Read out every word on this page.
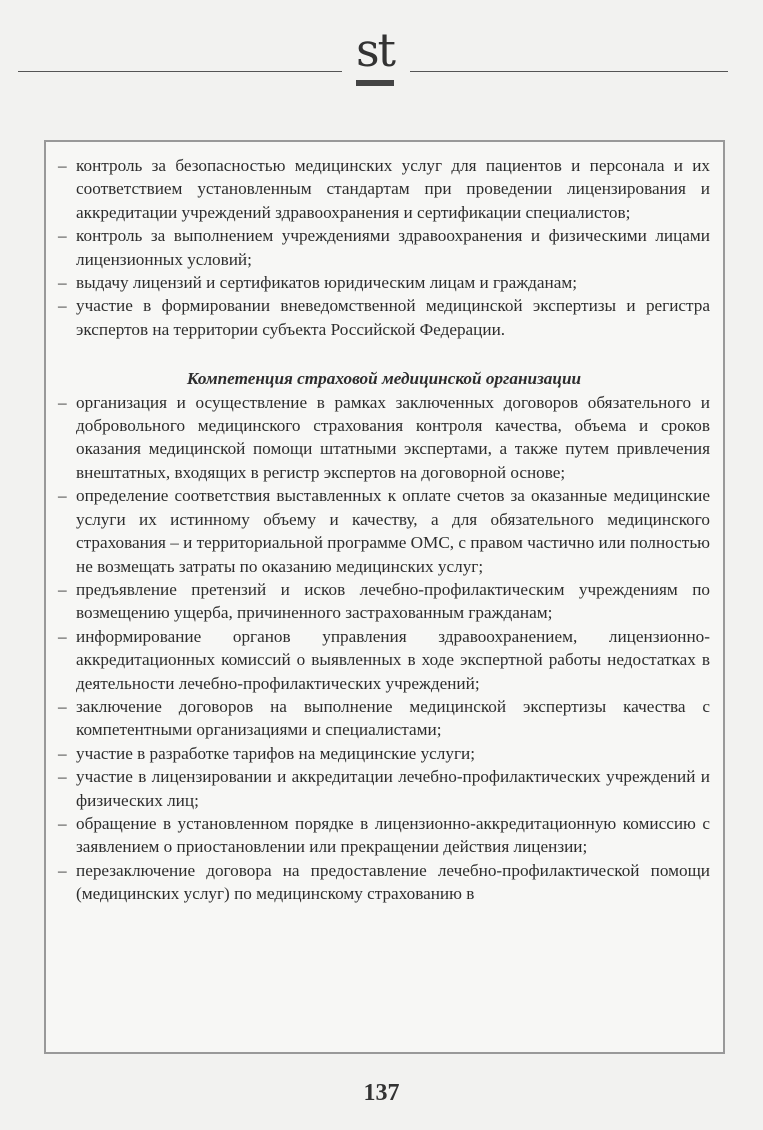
st

– контроль за безопасностью медицинских услуг для пациентов и персонала и их соответствием установленным стандартам при проведении лицензирования и аккредитации учреждений здравоохранения и сертификации специалистов;

– контроль за выполнением учреждениями здравоохранения и физическими лицами лицензионных условий;

– выдачу лицензий и сертификатов юридическим лицам и гражданам;

– участие в формировании вневедомственной медицинской экспертизы и регистра экспертов на территории субъекта Российской Федерации.

Компетенция страховой медицинской организации

– организация и осуществление в рамках заключенных договоров обязательного и добровольного медицинского страхования контроля качества, объема и сроков оказания медицинской помощи штатными экспертами, а также путем привлечения внештатных, входящих в регистр экспертов на договорной основе;

– определение соответствия выставленных к оплате счетов за оказанные медицинские услуги их истинному объему и качеству, а для обязательного медицинского страхования – и территориальной программе ОМС, с правом частично или полностью не возмещать затраты по оказанию медицинских услуг;

– предъявление претензий и исков лечебно-профилактическим учреждениям по возмещению ущерба, причиненного застрахованным гражданам;

– информирование органов управления здравоохранением, лицензионно-аккредитационных комиссий о выявленных в ходе экспертной работы недостатках в деятельности лечебно-профилактических учреждений;

– заключение договоров на выполнение медицинской экспертизы качества с компетентными организациями и специалистами;

– участие в разработке тарифов на медицинские услуги;

– участие в лицензировании и аккредитации лечебно-профилактических учреждений и физических лиц;

– обращение в установленном порядке в лицензионно-аккредитационную комиссию с заявлением о приостановлении или прекращении действия лицензии;

– перезаключение договора на предоставление лечебно-профилактической помощи (медицинских услуг) по медицинскому страхованию в

137
